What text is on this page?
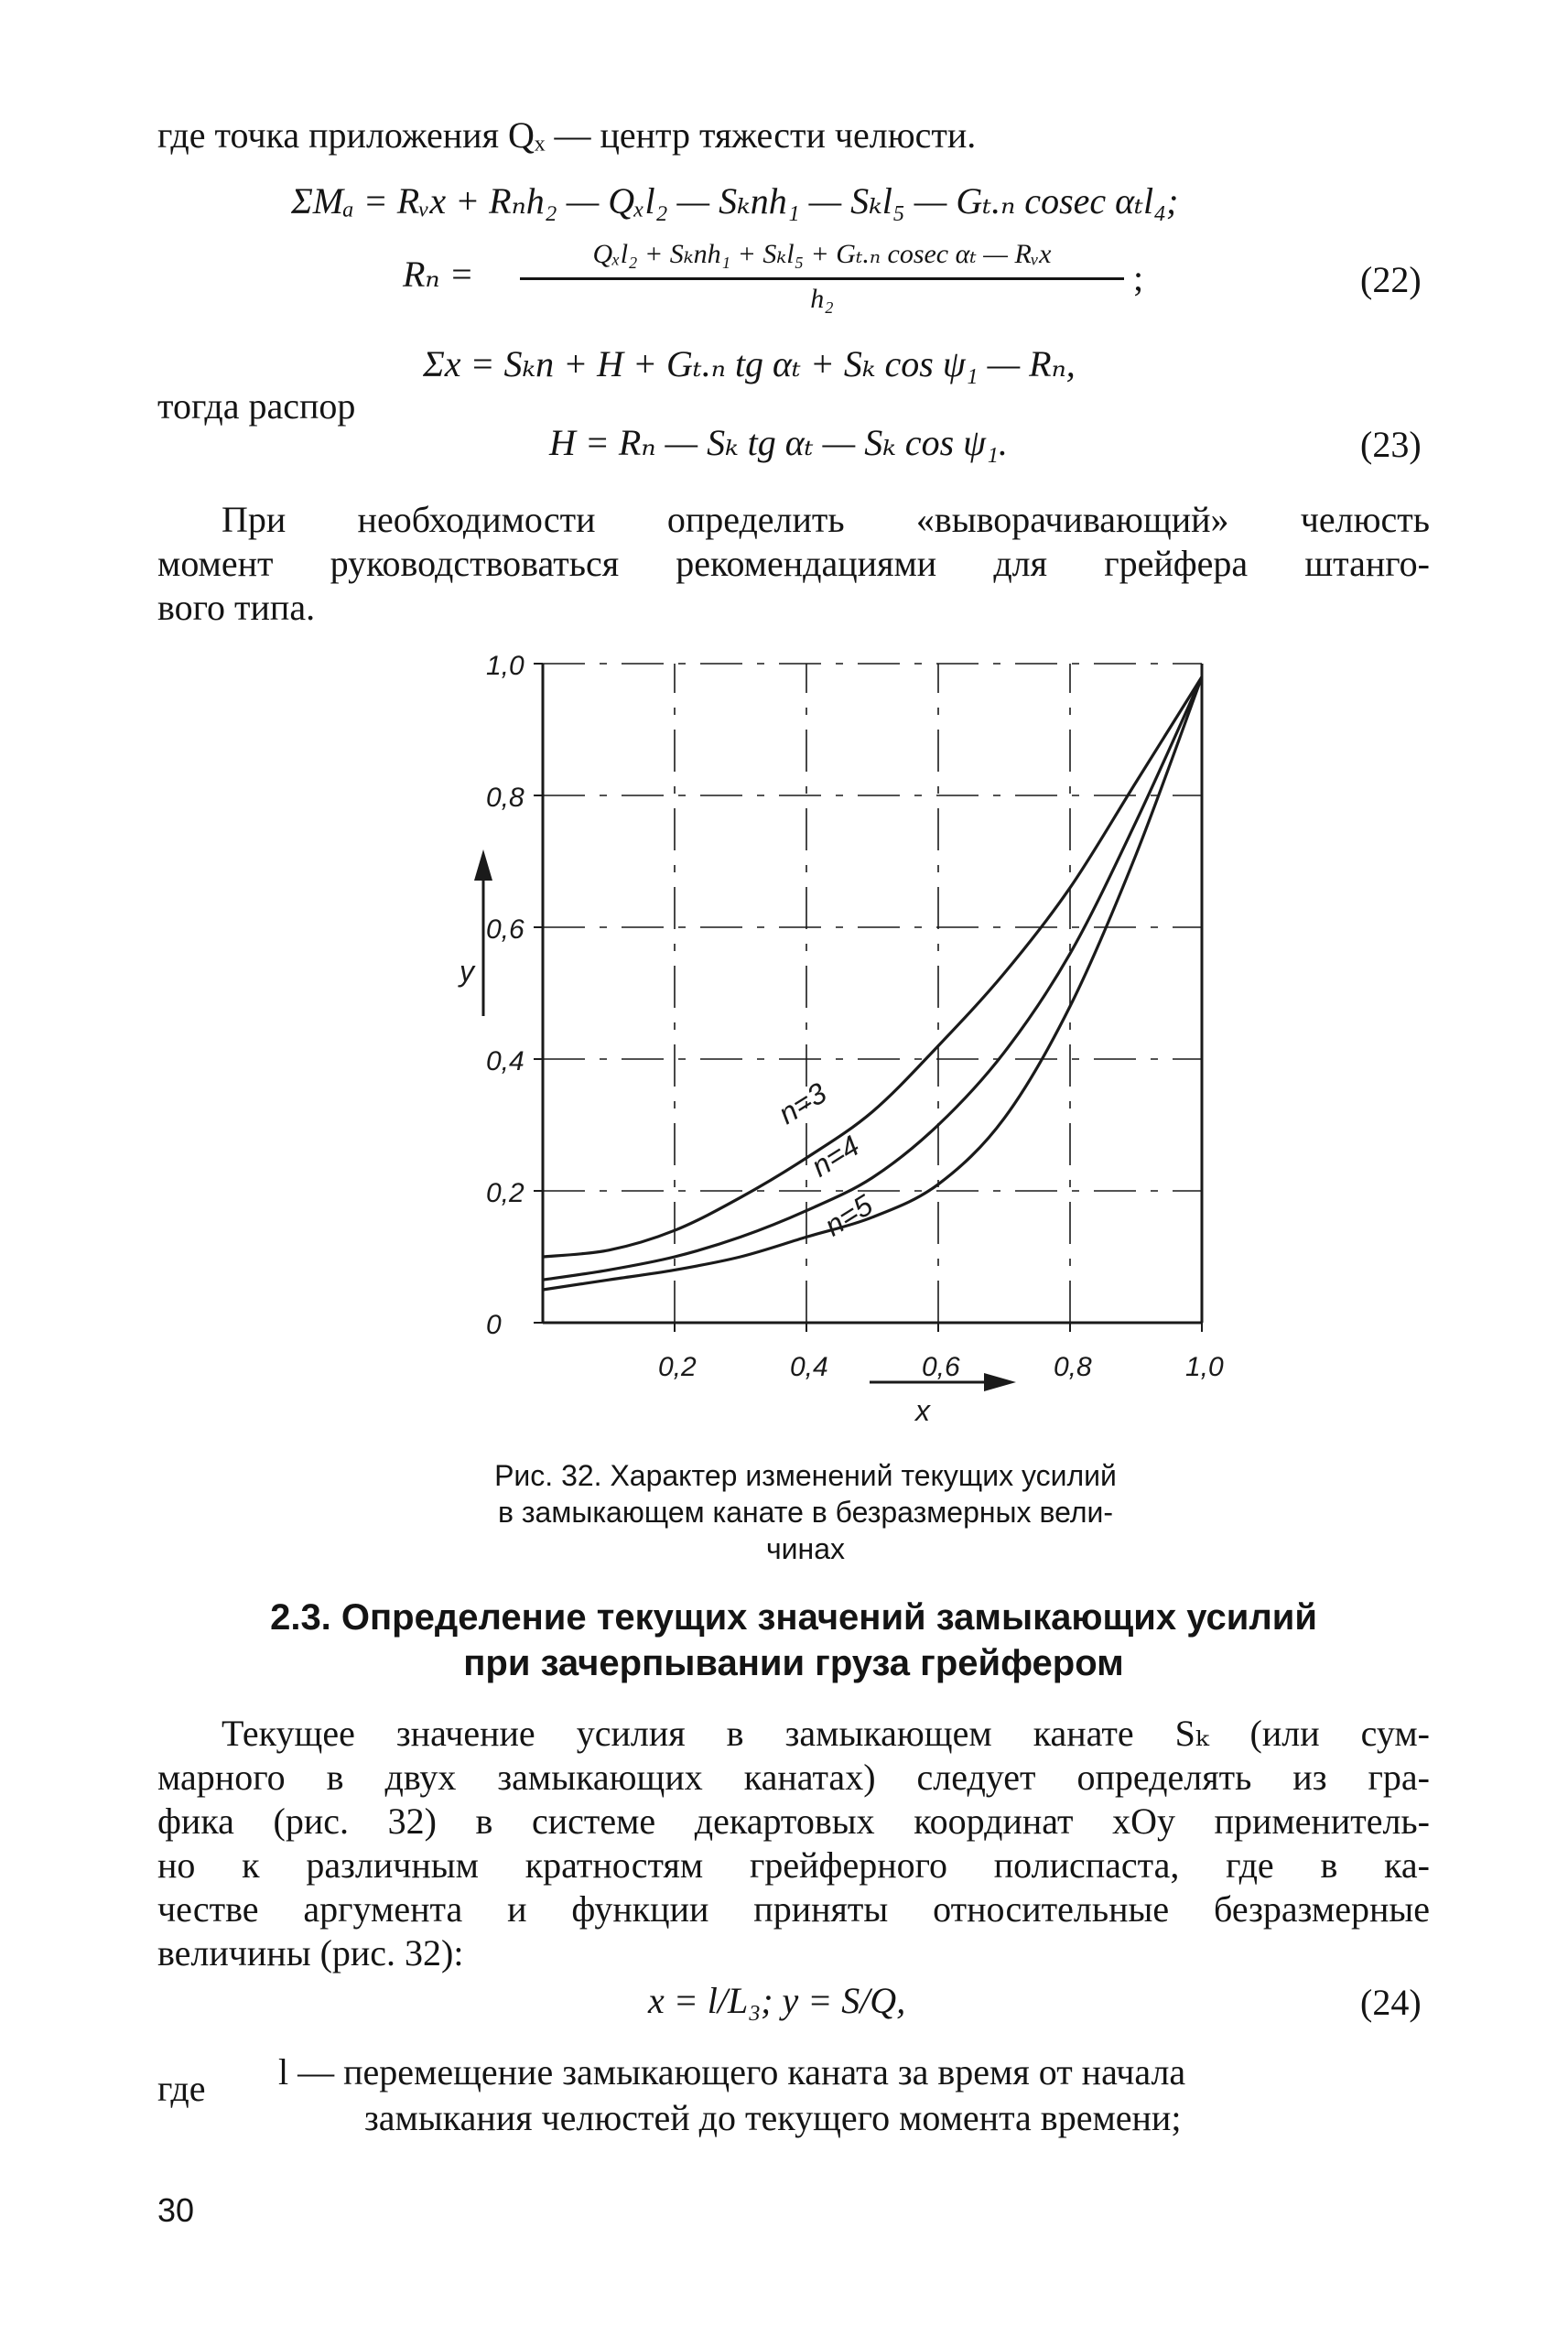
где точка приложения Qₓ — центр тяжести челюсти.
ΣMₐ = Rᵥx + Rₙh₂ — Qₓl₂ — Sₖnh₁ — Sₖl₅ — Gₜ.ₙ cosec αₜl₄;
Rₙ =	Qₓl₂ + Sₖnh₁ + Sₖl₅ + Gₜ.ₙ cosec αₜ — Rᵥx
h₂
;	(22)
Σx = Sₖn + H + Gₜ.ₙ tg αₜ + Sₖ cos ψ₁ — Rₙ,
тогда распор
H = Rₙ — Sₖ tg αₜ — Sₖ cos ψ₁.	(23)
При необходимости определить «выворачивающий» челюсть
момент руководствоваться рекомендациями для грейфера штанго-
вого типа.
0,2	0,4	0,6	0,8	1,0
0
0,2
0,4
0,6
0,8
1,0
y
x
n=3
n=4
n=5
Рис. 32. Характер изменений текущих усилий
в замыкающем канате в безразмерных вели-
чинах
2.3. Определение текущих значений замыкающих усилий
при зачерпывании груза грейфером
Текущее значение усилия в замыкающем канате Sₖ (или сум-
марного в двух замыкающих канатах) следует определять из гра-
фика (рис. 32) в системе декартовых координат xOy применитель-
но к различным кратностям грейферного полиспаста, где в ка-
честве аргумента и функции приняты относительные безразмерные
величины (рис. 32):
x = l/L₃; y = S/Q,	(24)
где l — перемещение замыкающего каната за время от начала
замыкания челюстей до текущего момента времени;
30
